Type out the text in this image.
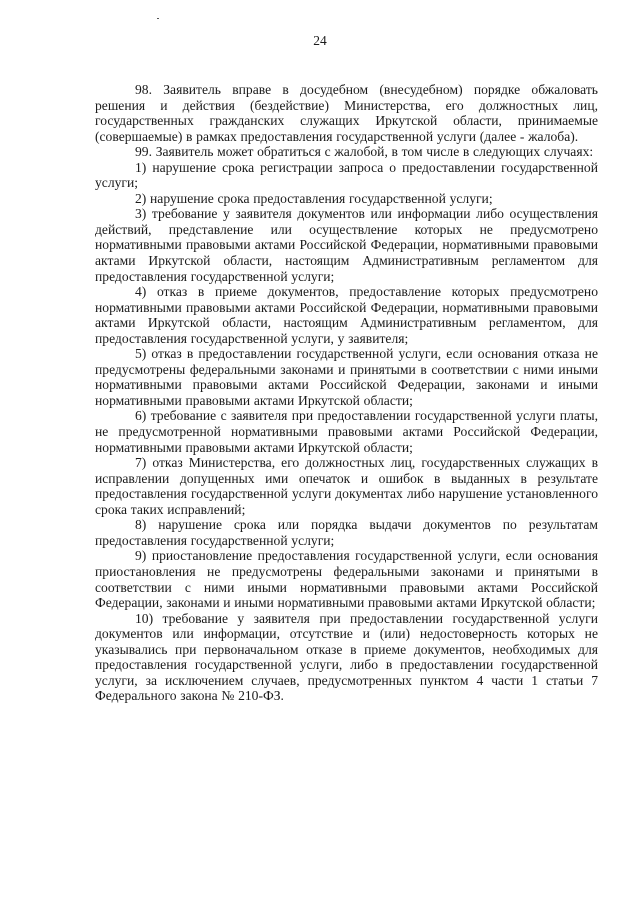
24

98. Заявитель вправе в досудебном (внесудебном) порядке обжаловать решения и действия (бездействие) Министерства, его должностных лиц, государственных гражданских служащих Иркутской области, принимаемые (совершаемые) в рамках предоставления государственной услуги (далее - жалоба).

99. Заявитель может обратиться с жалобой, в том числе в следующих случаях:

1) нарушение срока регистрации запроса о предоставлении государственной услуги;

2) нарушение срока предоставления государственной услуги;

3) требование у заявителя документов или информации либо осуществления действий, представление или осуществление которых не предусмотрено нормативными правовыми актами Российской Федерации, нормативными правовыми актами Иркутской области, настоящим Административным регламентом для предоставления государственной услуги;

4) отказ в приеме документов, предоставление которых предусмотрено нормативными правовыми актами Российской Федерации, нормативными правовыми актами Иркутской области, настоящим Административным регламентом, для предоставления государственной услуги, у заявителя;

5) отказ в предоставлении государственной услуги, если основания отказа не предусмотрены федеральными законами и принятыми в соответствии с ними иными нормативными правовыми актами Российской Федерации, законами и иными нормативными правовыми актами Иркутской области;

6) требование с заявителя при предоставлении государственной услуги платы, не предусмотренной нормативными правовыми актами Российской Федерации, нормативными правовыми актами Иркутской области;

7) отказ Министерства, его должностных лиц, государственных служащих в исправлении допущенных ими опечаток и ошибок в выданных в результате предоставления государственной услуги документах либо нарушение установленного срока таких исправлений;

8) нарушение срока или порядка выдачи документов по результатам предоставления государственной услуги;

9) приостановление предоставления государственной услуги, если основания приостановления не предусмотрены федеральными законами и принятыми в соответствии с ними иными нормативными правовыми актами Российской Федерации, законами и иными нормативными правовыми актами Иркутской области;

10) требование у заявителя при предоставлении государственной услуги документов или информации, отсутствие и (или) недостоверность которых не указывались при первоначальном отказе в приеме документов, необходимых для предоставления государственной услуги, либо в предоставлении государственной услуги, за исключением случаев, предусмотренных пунктом 4 части 1 статьи 7 Федерального закона № 210-ФЗ.
